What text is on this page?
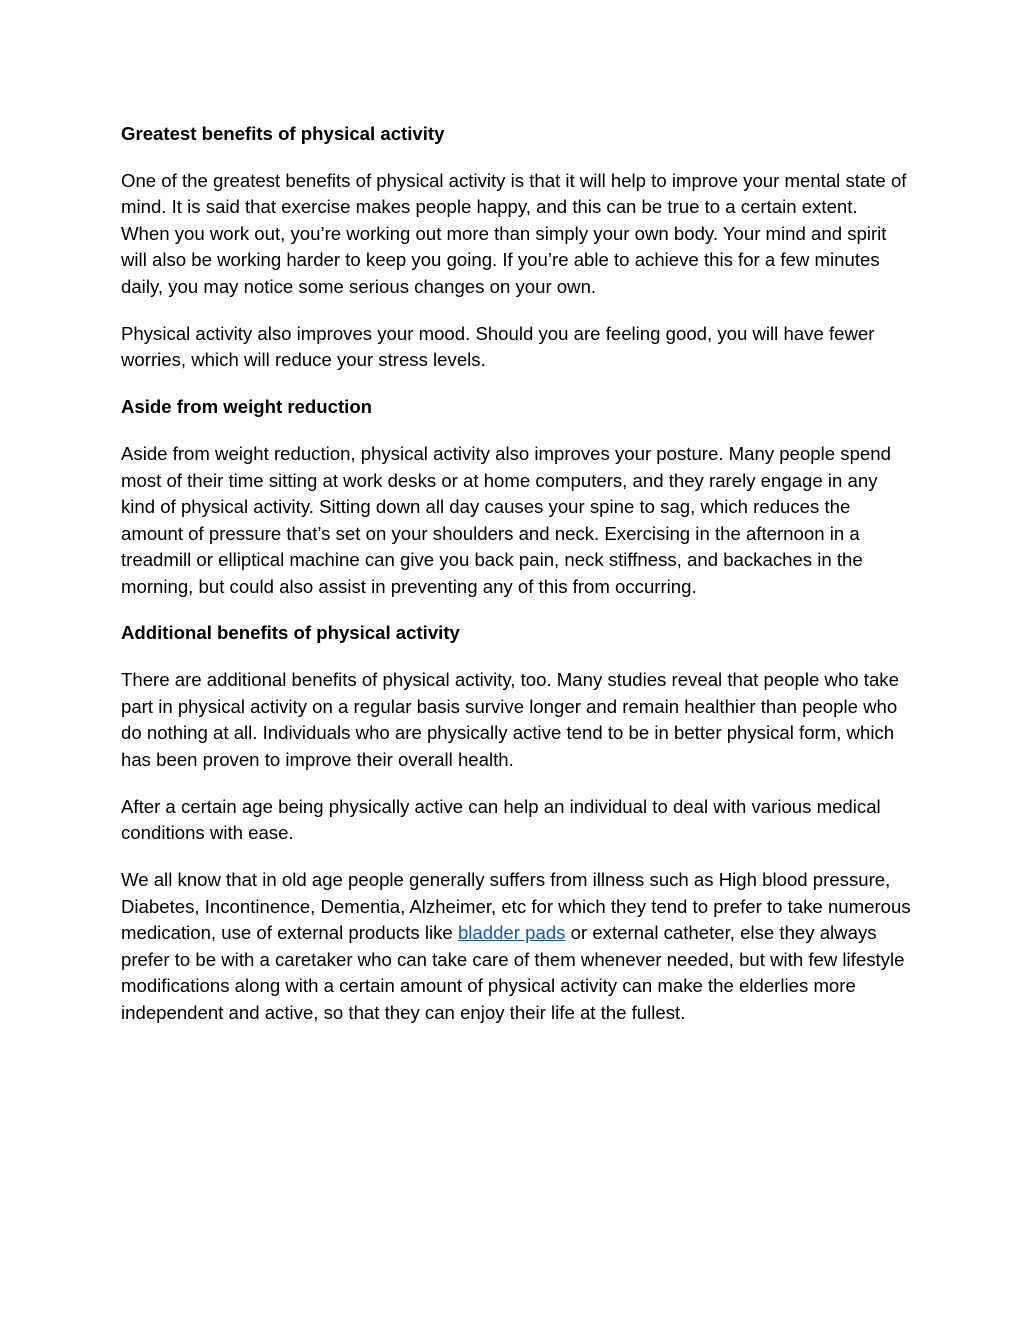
Greatest benefits of physical activity

One of the greatest benefits of physical activity is that it will help to improve your mental state of mind. It is said that exercise makes people happy, and this can be true to a certain extent. When you work out, you’re working out more than simply your own body. Your mind and spirit will also be working harder to keep you going. If you’re able to achieve this for a few minutes daily, you may notice some serious changes on your own.

Physical activity also improves your mood. Should you are feeling good, you will have fewer worries, which will reduce your stress levels.

Aside from weight reduction

Aside from weight reduction, physical activity also improves your posture. Many people spend most of their time sitting at work desks or at home computers, and they rarely engage in any kind of physical activity. Sitting down all day causes your spine to sag, which reduces the amount of pressure that’s set on your shoulders and neck. Exercising in the afternoon in a treadmill or elliptical machine can give you back pain, neck stiffness, and backaches in the morning, but could also assist in preventing any of this from occurring.

Additional benefits of physical activity

There are additional benefits of physical activity, too. Many studies reveal that people who take part in physical activity on a regular basis survive longer and remain healthier than people who do nothing at all. Individuals who are physically active tend to be in better physical form, which has been proven to improve their overall health.

After a certain age being physically active can help an individual to deal with various medical conditions with ease.

We all know that in old age people generally suffers from illness such as High blood pressure, Diabetes, Incontinence, Dementia, Alzheimer, etc for which they tend to prefer to take numerous medication, use of external products like bladder pads or external catheter, else they always prefer to be with a caretaker who can take care of them whenever needed, but with few lifestyle modifications along with a certain amount of physical activity can make the elderlies more independent and active, so that they can enjoy their life at the fullest.
